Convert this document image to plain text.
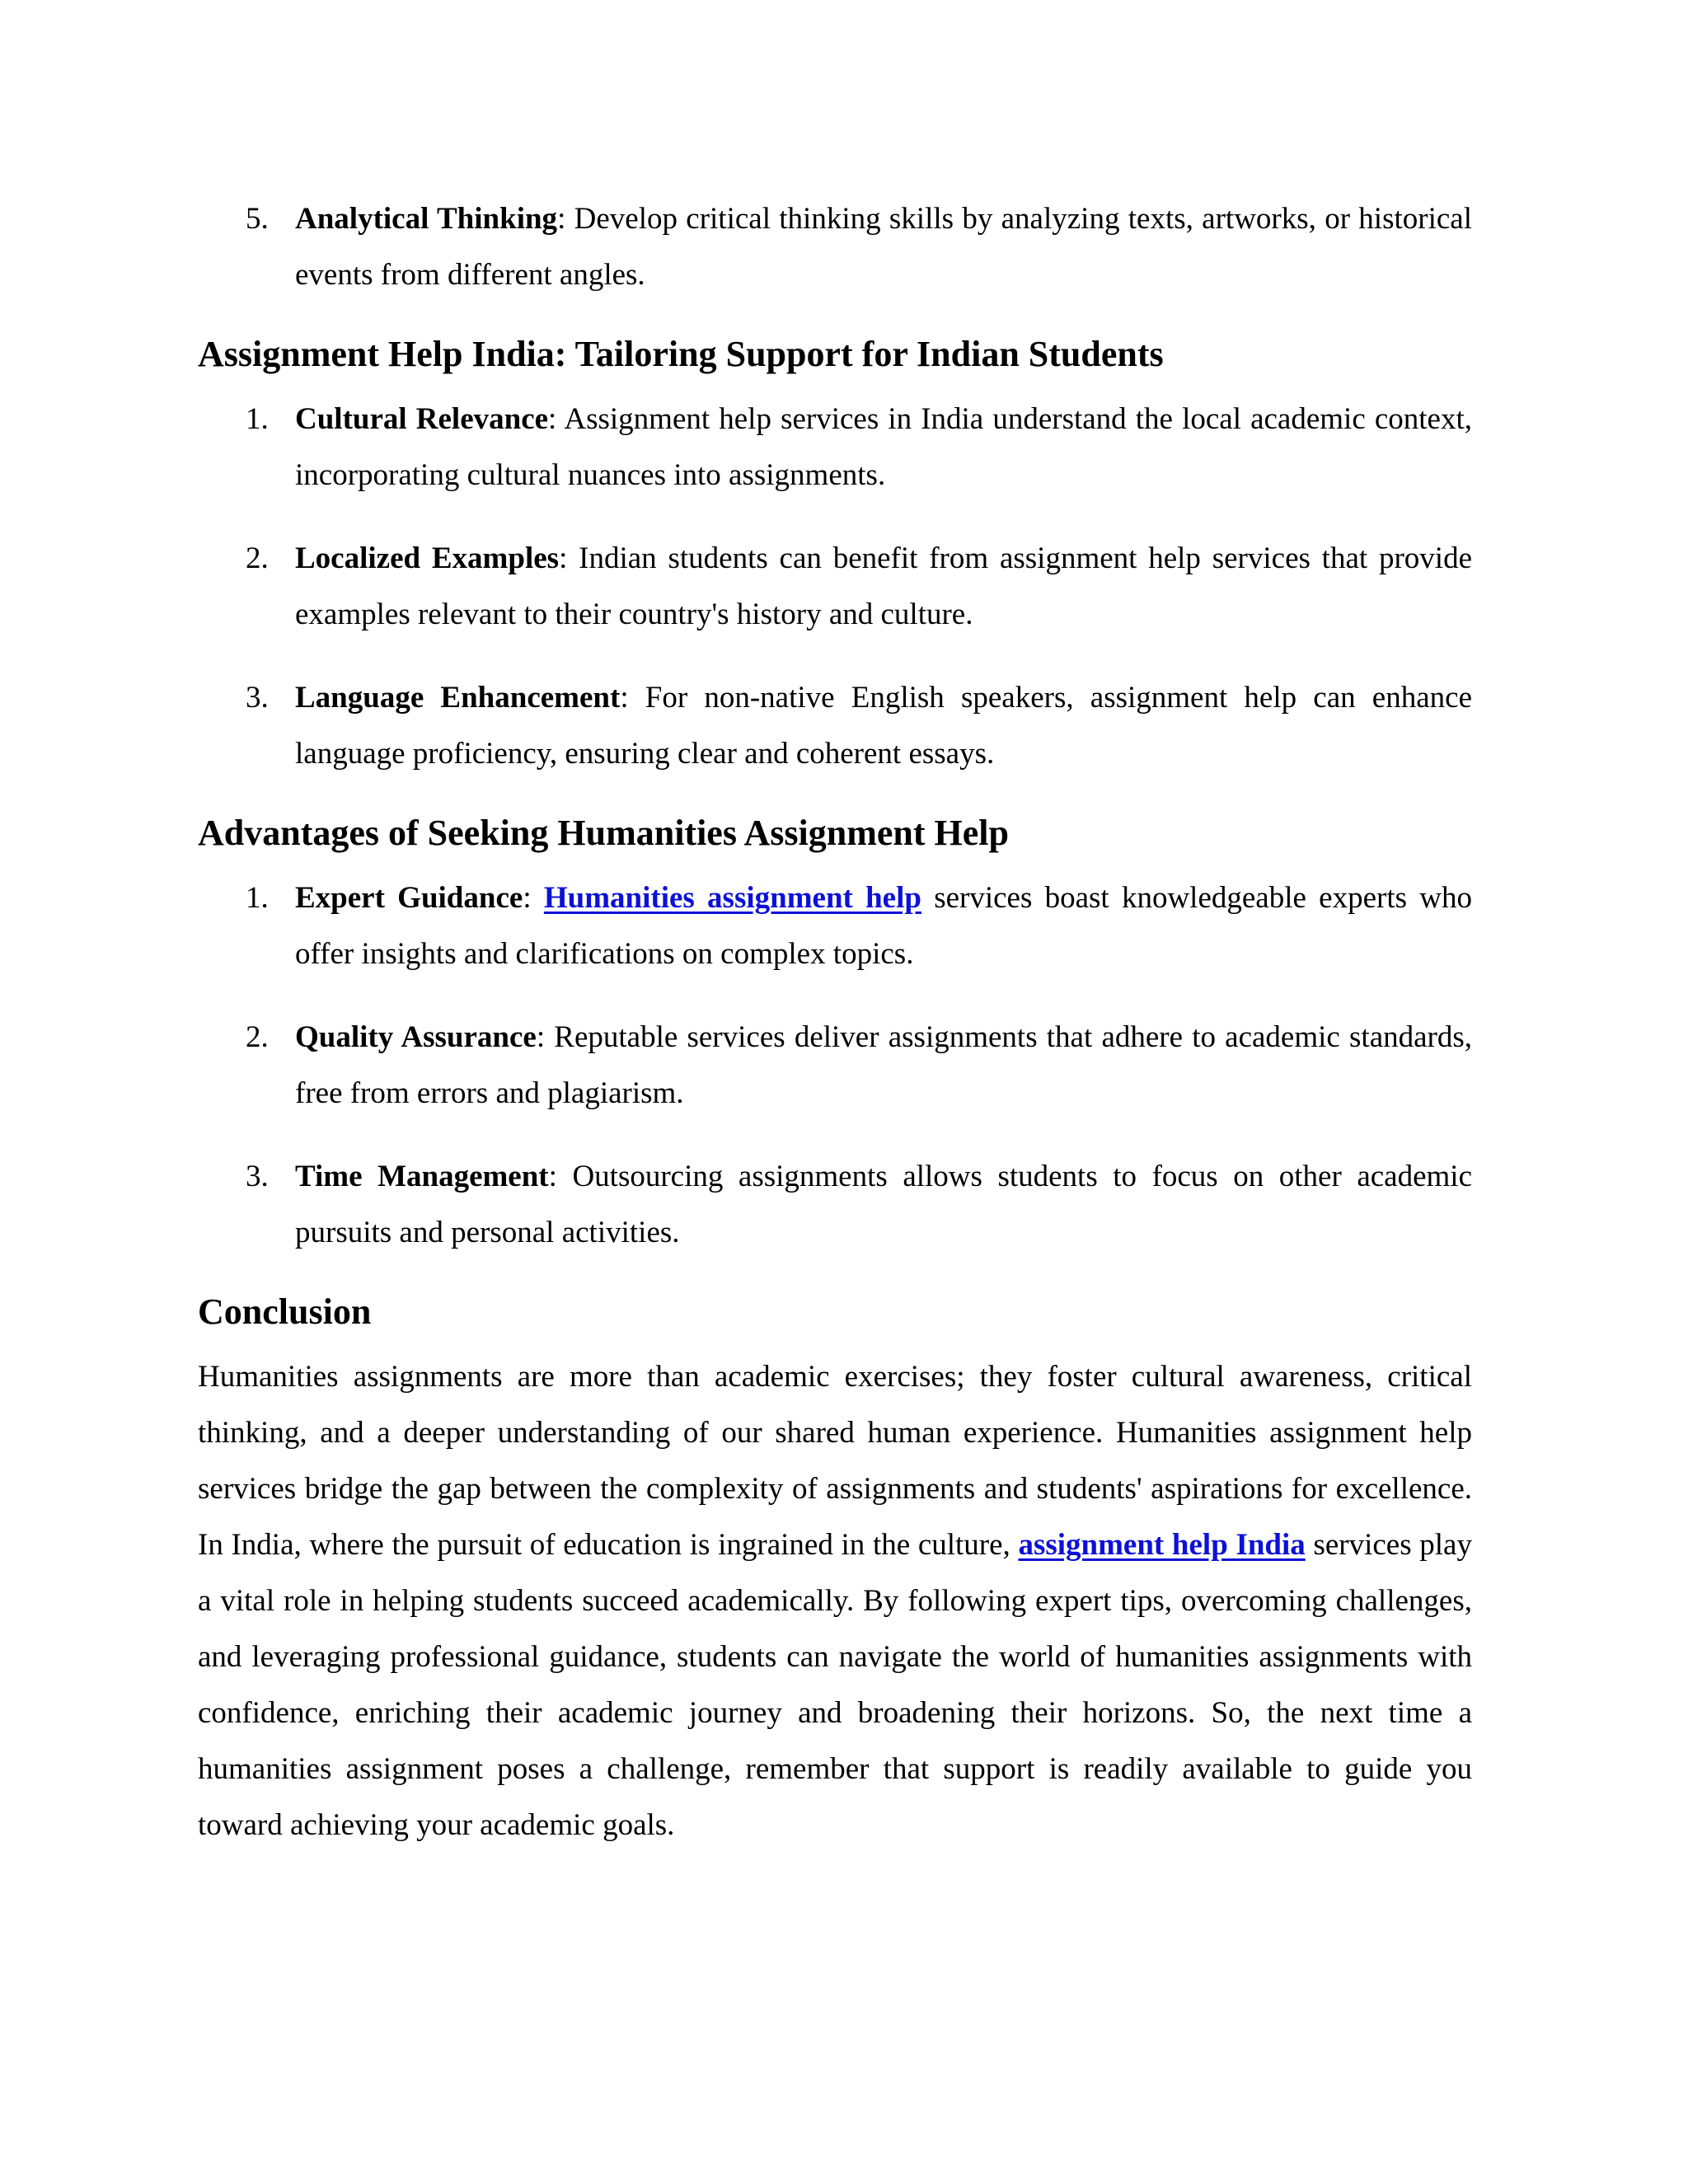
5. Analytical Thinking: Develop critical thinking skills by analyzing texts, artworks, or historical events from different angles.
Assignment Help India: Tailoring Support for Indian Students
1. Cultural Relevance: Assignment help services in India understand the local academic context, incorporating cultural nuances into assignments.
2. Localized Examples: Indian students can benefit from assignment help services that provide examples relevant to their country's history and culture.
3. Language Enhancement: For non-native English speakers, assignment help can enhance language proficiency, ensuring clear and coherent essays.
Advantages of Seeking Humanities Assignment Help
1. Expert Guidance: Humanities assignment help services boast knowledgeable experts who offer insights and clarifications on complex topics.
2. Quality Assurance: Reputable services deliver assignments that adhere to academic standards, free from errors and plagiarism.
3. Time Management: Outsourcing assignments allows students to focus on other academic pursuits and personal activities.
Conclusion

Humanities assignments are more than academic exercises; they foster cultural awareness, critical thinking, and a deeper understanding of our shared human experience. Humanities assignment help services bridge the gap between the complexity of assignments and students' aspirations for excellence. In India, where the pursuit of education is ingrained in the culture, assignment help India services play a vital role in helping students succeed academically. By following expert tips, overcoming challenges, and leveraging professional guidance, students can navigate the world of humanities assignments with confidence, enriching their academic journey and broadening their horizons. So, the next time a humanities assignment poses a challenge, remember that support is readily available to guide you toward achieving your academic goals.
